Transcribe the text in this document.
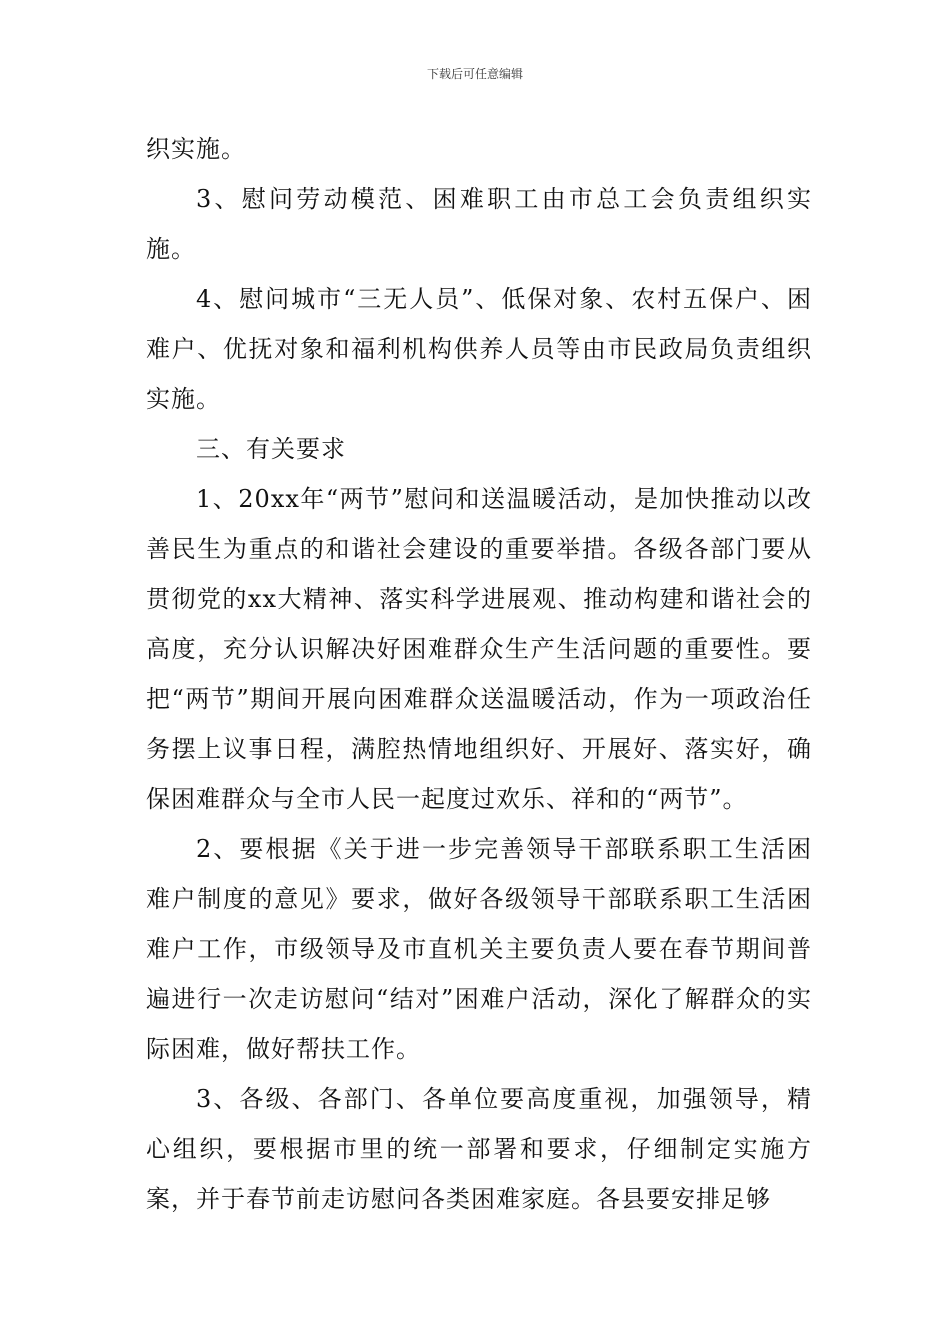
下载后可任意编辑

织实施。

3、慰问劳动模范、困难职工由市总工会负责组织实施。

4、慰问城市“三无人员”、低保对象、农村五保户、困难户、优抚对象和福利机构供养人员等由市民政局负责组织实施。

三、有关要求

1、20xx年“两节”慰问和送温暖活动，是加快推动以改善民生为重点的和谐社会建设的重要举措。各级各部门要从贯彻党的xx大精神、落实科学进展观、推动构建和谐社会的高度，充分认识解决好困难群众生产生活问题的重要性。要把“两节”期间开展向困难群众送温暖活动，作为一项政治任务摆上议事日程，满腔热情地组织好、开展好、落实好，确保困难群众与全市人民一起度过欢乐、祥和的“两节”。

2、要根据《关于进一步完善领导干部联系职工生活困难户制度的意见》要求，做好各级领导干部联系职工生活困难户工作，市级领导及市直机关主要负责人要在春节期间普遍进行一次走访慰问“结对”困难户活动，深化了解群众的实际困难，做好帮扶工作。

3、各级、各部门、各单位要高度重视，加强领导，精心组织，要根据市里的统一部署和要求，仔细制定实施方案，并于春节前走访慰问各类困难家庭。各县要安排足够
